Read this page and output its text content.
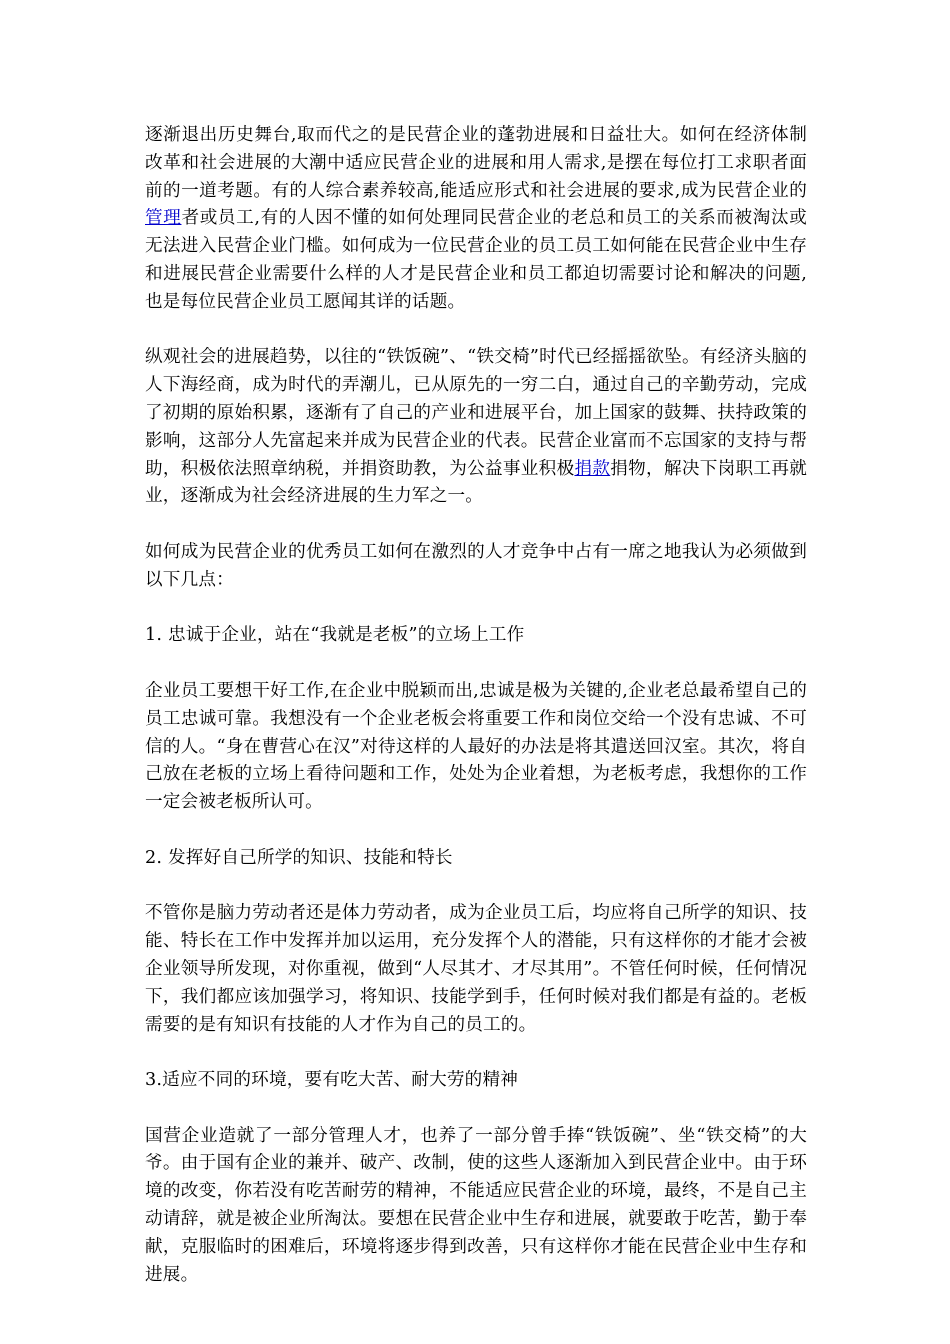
逐渐退出历史舞台,取而代之的是民营企业的蓬勃进展和日益壮大。如何在经济体制改革和社会进展的大潮中适应民营企业的进展和用人需求,是摆在每位打工求职者面前的一道考题。有的人综合素养较高,能适应形式和社会进展的要求,成为民营企业的管理者或员工,有的人因不懂的如何处理同民营企业的老总和员工的关系而被淘汰或无法进入民营企业门槛。如何成为一位民营企业的员工员工如何能在民营企业中生存和进展民营企业需要什么样的人才是民营企业和员工都迫切需要讨论和解决的问题,也是每位民营企业员工愿闻其详的话题。

纵观社会的进展趋势，以往的“铁饭碗”、“铁交椅”时代已经摇摇欲坠。有经济头脑的人下海经商，成为时代的弄潮儿，已从原先的一穷二白，通过自己的辛勤劳动，完成了初期的原始积累，逐渐有了自己的产业和进展平台，加上国家的鼓舞、扶持政策的影响，这部分人先富起来并成为民营企业的代表。民营企业富而不忘国家的支持与帮助，积极依法照章纳税，并捐资助教，为公益事业积极捐款捐物，解决下岗职工再就业，逐渐成为社会经济进展的生力军之一。

如何成为民营企业的优秀员工如何在激烈的人才竞争中占有一席之地我认为必须做到以下几点：

1. 忠诚于企业，站在“我就是老板”的立场上工作

企业员工要想干好工作,在企业中脱颖而出,忠诚是极为关键的,企业老总最希望自己的员工忠诚可靠。我想没有一个企业老板会将重要工作和岗位交给一个没有忠诚、不可信的人。“身在曹营心在汉”对待这样的人最好的办法是将其遣送回汉室。其次，将自己放在老板的立场上看待问题和工作，处处为企业着想，为老板考虑，我想你的工作一定会被老板所认可。

2. 发挥好自己所学的知识、技能和特长

不管你是脑力劳动者还是体力劳动者，成为企业员工后，均应将自己所学的知识、技能、特长在工作中发挥并加以运用，充分发挥个人的潜能，只有这样你的才能才会被企业领导所发现，对你重视，做到“人尽其才、才尽其用”。不管任何时候，任何情况下，我们都应该加强学习，将知识、技能学到手，任何时候对我们都是有益的。老板需要的是有知识有技能的人才作为自己的员工的。

3.适应不同的环境，要有吃大苦、耐大劳的精神

国营企业造就了一部分管理人才，也养了一部分曾手捧“铁饭碗”、坐“铁交椅”的大爷。由于国有企业的兼并、破产、改制，使的这些人逐渐加入到民营企业中。由于环境的改变，你若没有吃苦耐劳的精神，不能适应民营企业的环境，最终，不是自己主动请辞，就是被企业所淘汰。要想在民营企业中生存和进展，就要敢于吃苦，勤于奉献，克服临时的困难后，环境将逐步得到改善，只有这样你才能在民营企业中生存和进展。
